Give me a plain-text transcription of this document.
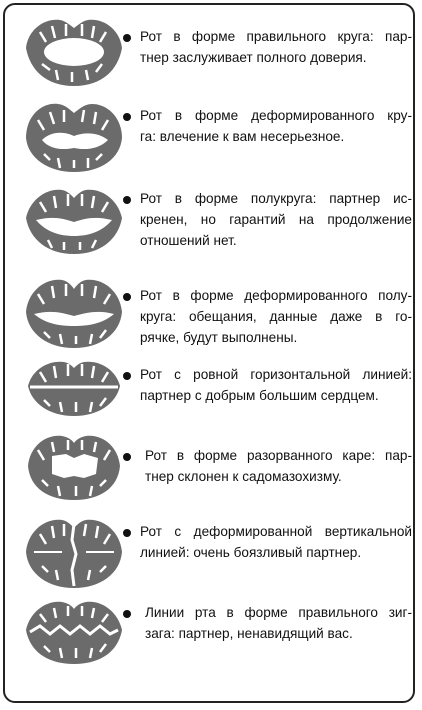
Рот в форме правильного круга: пар-
тнер заслуживает полного доверия.
Рот в форме деформированного кру-
га: влечение к вам несерьезное.
Рот в форме полукруга: партнер ис-
кренен, но гарантий на продолжение
отношений нет.
Рот в форме деформированного полу-
круга: обещания, данные даже в го-
рячке, будут выполнены.
Рот с ровной горизонтальной линией:
партнер с добрым большим сердцем.
Рот в форме разорванного каре: пар-
тнер склонен к садомазохизму.
Рот с деформированной вертикальной
линией: очень боязливый партнер.
Линии рта в форме правильного зиг-
зага: партнер, ненавидящий вас.
